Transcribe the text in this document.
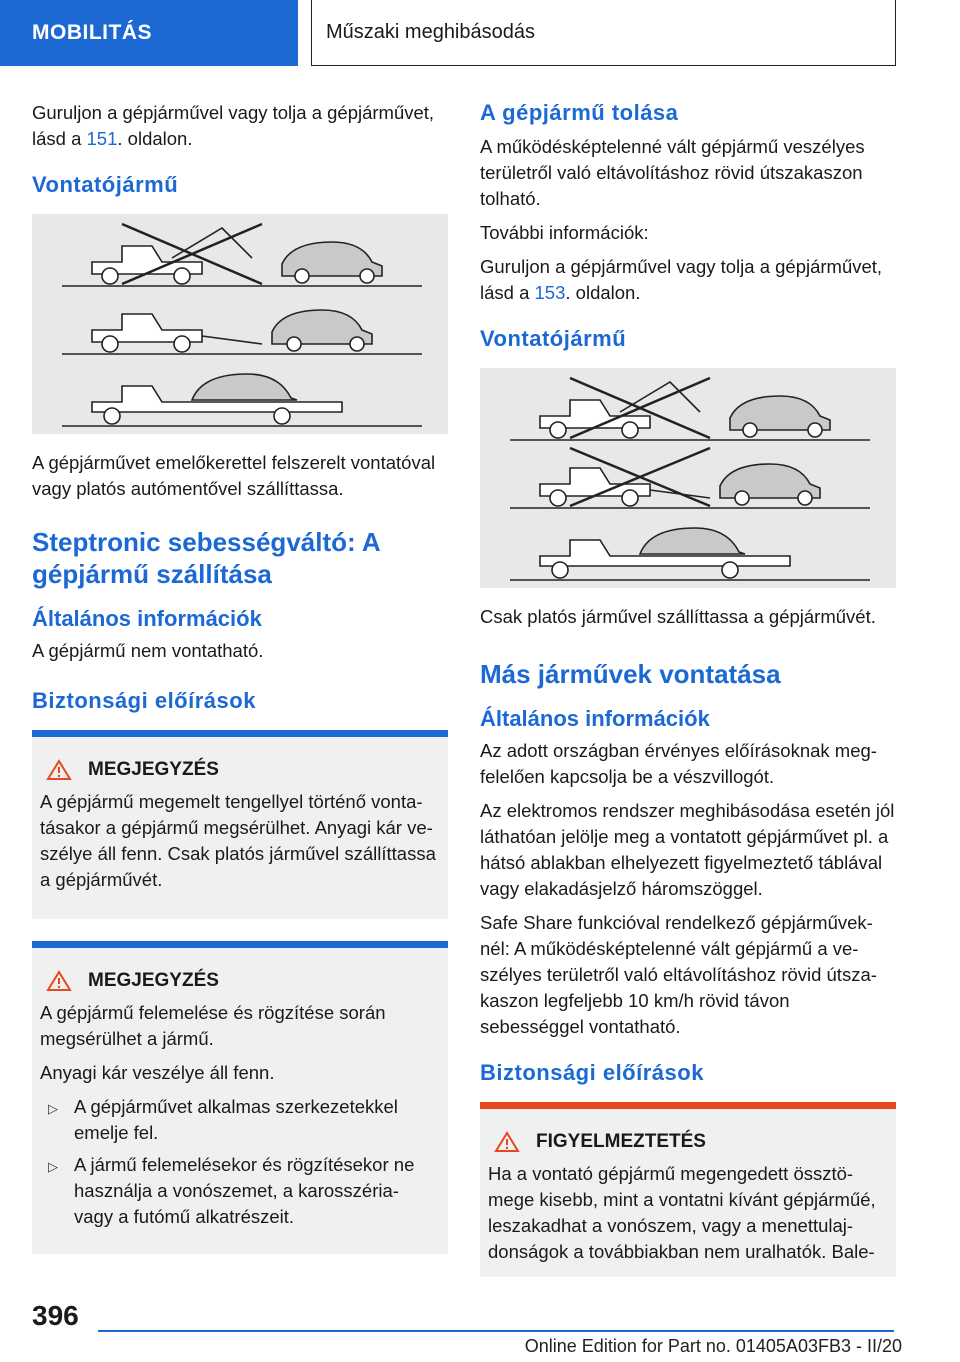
MOBILITÁS	Műszaki meghibásodás

Guruljon a gépjárművel vagy tolja a gépjárművet, lásd a 151. oldalon.

Vontatójármű

A gépjárművet emelőkerettel felszerelt vontatóval vagy platós autómentővel szállíttassa.

Steptronic sebességváltó: A gépjármű szállítása
Általános információk

A gépjármű nem vontatható.

Biztonsági előírások
MEGJEGYZÉS

A gépjármű megemelt tengellyel történő vontatásakor a gépjármű megsérülhet. Anyagi kár veszélye áll fenn. Csak platós járművel szállíttassa a gépjárművét.

MEGJEGYZÉS

A gépjármű felemelése és rögzítése során megsérülhet a jármű.

Anyagi kár veszélye áll fenn.

▷ A gépjárművet alkalmas szerkezetekkel emelje fel.
▷ A jármű felemelésekor és rögzítésekor ne használja a vonószemet, a karosszéria- vagy a futómű alkatrészeit.
A gépjármű tolása

A működésképtelenné vált gépjármű veszélyes területről való eltávolításhoz rövid útszakaszon tolható.

További információk:

Guruljon a gépjárművel vagy tolja a gépjárművet, lásd a 153. oldalon.

Vontatójármű

Csak platós járművel szállíttassa a gépjárművét.

Más járművek vontatása
Általános információk

Az adott országban érvényes előírásoknak megfelelően kapcsolja be a vészvillogót.

Az elektromos rendszer meghibásodása esetén jól láthatóan jelölje meg a vontatott gépjárművet pl. a hátsó ablakban elhelyezett figyelmeztető táblával vagy elakadásjelző háromszöggel.

Safe Share funkcióval rendelkező gépjárműveknél: A működésképtelenné vált gépjármű a veszélyes területről való eltávolításhoz rövid útszakaszon legfeljebb 10 km/h rövid távon sebességgel vontatható.

Biztonsági előírások
FIGYELMEZTETÉS

Ha a vontató gépjármű megengedett össztömege kisebb, mint a vontatni kívánt gépjárműé, leszakadhat a vonószem, vagy a menettulajdonságok a továbbiakban nem uralhatók. Bale-

396
Online Edition for Part no. 01405A03FB3 - II/20
